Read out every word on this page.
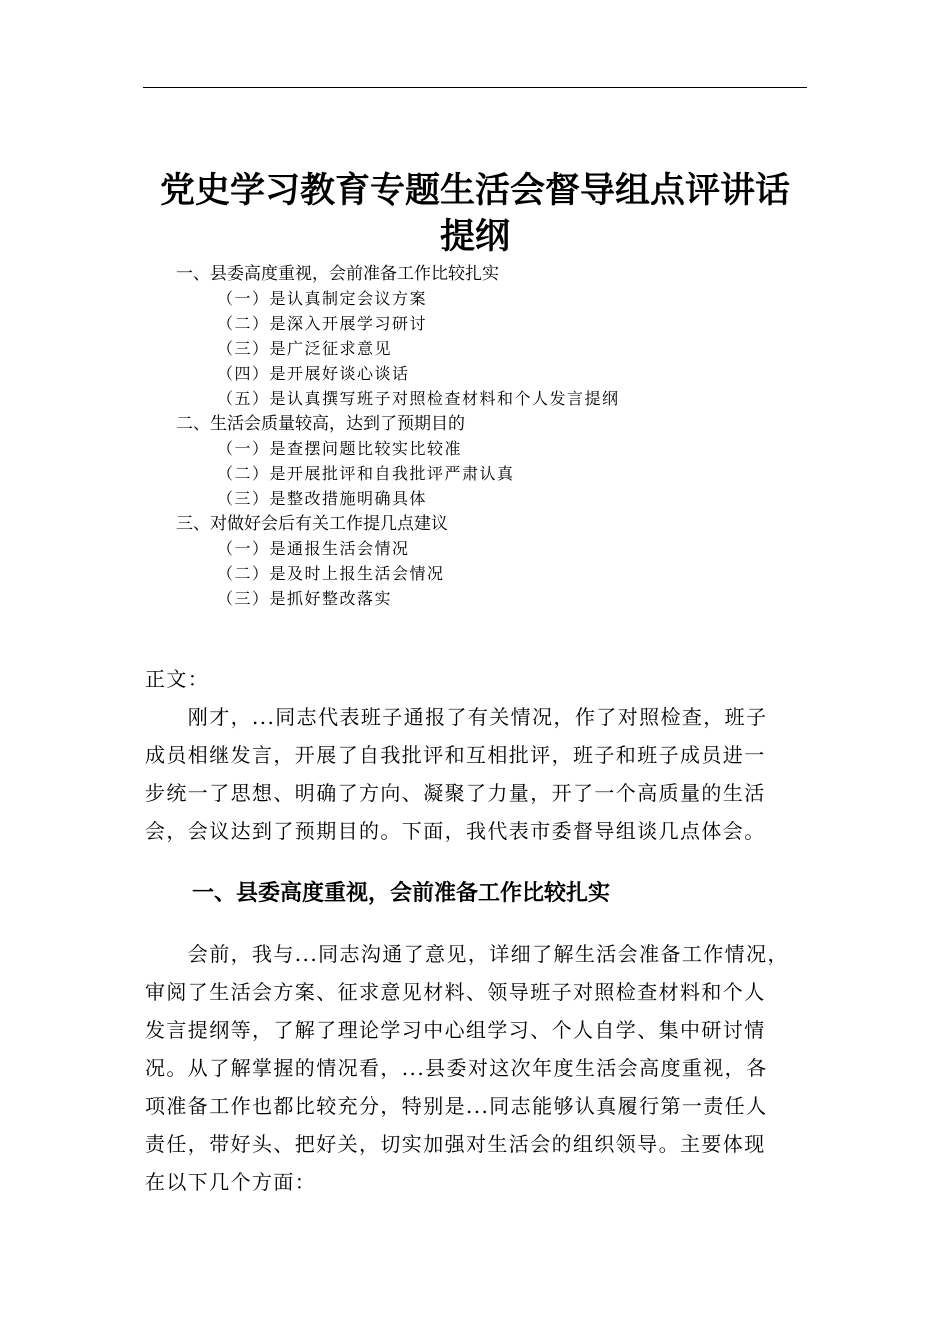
党史学习教育专题生活会督导组点评讲话
提纲
一、县委高度重视，会前准备工作比较扎实
（一）是认真制定会议方案
（二）是深入开展学习研讨
（三）是广泛征求意见
（四）是开展好谈心谈话
（五）是认真撰写班子对照检查材料和个人发言提纲
二、生活会质量较高，达到了预期目的
（一）是查摆问题比较实比较准
（二）是开展批评和自我批评严肃认真
（三）是整改措施明确具体
三、对做好会后有关工作提几点建议
（一）是通报生活会情况
（二）是及时上报生活会情况
（三）是抓好整改落实
正文：
　　刚才，...同志代表班子通报了有关情况，作了对照检查，班子
成员相继发言，开展了自我批评和互相批评，班子和班子成员进一
步统一了思想、明确了方向、凝聚了力量，开了一个高质量的生活
会，会议达到了预期目的。下面，我代表市委督导组谈几点体会。
一、县委高度重视，会前准备工作比较扎实
　　会前，我与...同志沟通了意见，详细了解生活会准备工作情况，
审阅了生活会方案、征求意见材料、领导班子对照检查材料和个人
发言提纲等，了解了理论学习中心组学习、个人自学、集中研讨情
况。从了解掌握的情况看，...县委对这次年度生活会高度重视，各
项准备工作也都比较充分，特别是...同志能够认真履行第一责任人
责任，带好头、把好关，切实加强对生活会的组织领导。主要体现
在以下几个方面：
